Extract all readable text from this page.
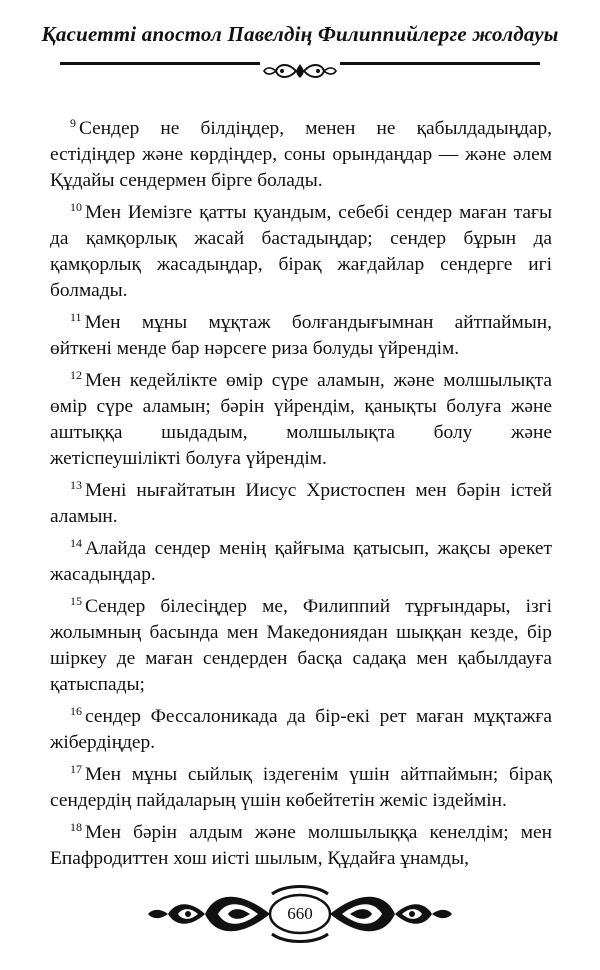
Қасиетті апостол Павелдің Филиппийлерге жолдауы

$^9$ Сендер не білдіңдер, менен не қабылдадыңдар, естідіңдер және көрдіңдер, соны орындаңдар — және әлем Құдайы сендермен бірге болады.

$^{10}$ Мен Иемізге қатты қуандым, себебі сендер маған тағы да қамқорлық жасай бастадыңдар; сендер бұрын да қамқорлық жасадыңдар, бірақ жағдайлар сендерге игі болмады.

$^{11}$ Мен мұны мұқтаж болғандығымнан айтпаймын, өйткені менде бар нәрсеге риза болуды үйрендім.

$^{12}$ Мен кедейлікте өмір сүре аламын, және молшылықта өмір сүре аламын; бәрін үйрендім, қанықты болуға және аштыққа шыдадым, молшылықта болу және жетіспеушілікті болуға үйрендім.

$^{13}$ Мені нығайтатын Иисус Христоспен мен бәрін істей аламын.

$^{14}$ Алайда сендер менің қайғыма қатысып, жақсы әрекет жасадыңдар.

$^{15}$ Сендер білесіңдер ме, Филиппий тұрғындары, ізгі жолымның басында мен Македониядан шыққан кезде, бір шіркеу де маған сендерден басқа садақа мен қабылдауға қатыспады;

$^{16}$ сендер Фессалоникада да бір-екі рет маған мұқтажға жібердіңдер.

$^{17}$ Мен мұны сыйлық іздегенім үшін айтпаймын; бірақ сендердің пайдаларың үшін көбейтетін жеміс іздеймін.

$^{18}$ Мен бәрін алдым және молшылыққа кенелдім; мен Епафродиттен хош иісті шылым, Құдайға ұнамды,

660
